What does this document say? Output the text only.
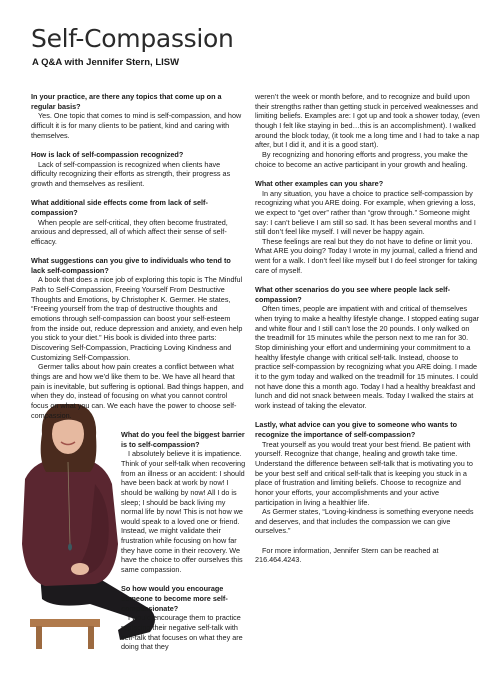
Self-Compassion

A Q&A with Jennifer Stern, LISW

In your practice, are there any topics that come up on a regular basis?

Yes. One topic that comes to mind is self-compassion, and how difficult it is for many clients to be patient, kind and caring with themselves.

How is lack of self-compassion recognized?

Lack of self-compassion is recognized when clients have difficulty recognizing their efforts as strength, their progress as growth and themselves as resilient.

What additional side effects come from lack of self-compassion?

When people are self-critical, they often become frustrated, anxious and depressed, all of which affect their sense of self-efficacy.

What suggestions can you give to individuals who tend to lack self-compassion?

A book that does a nice job of exploring this topic is The Mindful Path to Self-Compassion, Freeing Yourself From Destructive Thoughts and Emotions, by Christopher K. Germer. He states, “Freeing yourself from the trap of destructive thoughts and emotions through self-compassion can boost your self-esteem from the inside out, reduce depression and anxiety, and even help you stick to your diet.” His book is divided into three parts: Discovering Self-Compassion, Practicing Loving Kindness and Customizing Self-Compassion.

Germer talks about how pain creates a conflict between what things are and how we’d like them to be. We have all heard that pain is inevitable, but suffering is optional. Bad things happen, and when they do, instead of focusing on what you cannot control focus on what you can. We each have the power to choose self-compassion.

What do you feel the biggest barrier is to self-compassion?

I absolutely believe it is impatience. Think of your self-talk when recovering from an illness or an accident: I should have been back at work by now! I should be walking by now! All I do is sleep; I should be back living my normal life by now! This is not how we would speak to a loved one or friend. Instead, we might validate their frustration while focusing on how far they have come in their recovery. We have the choice to offer ourselves this same compassion.

So how would you encourage someone to become more self-compassionate?

I would encourage them to practice replacing their negative self-talk with self-talk that focuses on what they are doing that they

weren’t the week or month before, and to recognize and build upon their strengths rather than getting stuck in perceived weaknesses and limiting beliefs. Examples are: I got up and took a shower today, (even though I felt like staying in bed…this is an accomplishment). I walked around the block today, (it took me a long time and I had to take a nap after, but I did it, and it is a good start).

By recognizing and honoring efforts and progress, you make the choice to become an active participant in your growth and healing.

What other examples can you share?

In any situation, you have a choice to practice self-compassion by recognizing what you ARE doing. For example, when grieving a loss, we expect to “get over” rather than “grow through.” Someone might say: I can’t believe I am still so sad. It has been several months and I still don’t feel like myself. I will never be happy again.

These feelings are real but they do not have to define or limit you. What ARE you doing? Today I wrote in my journal, called a friend and went for a walk. I don’t feel like myself but I do feel stronger for taking care of myself.

What other scenarios do you see where people lack self-compassion?

Often times, people are impatient with and critical of themselves when trying to make a healthy lifestyle change. I stopped eating sugar and white flour and I still can’t lose the 20 pounds. I only walked on the treadmill for 15 minutes while the person next to me ran for 30. Stop diminishing your effort and undermining your commitment to a healthy lifestyle change with critical self-talk. Instead, choose to practice self-compassion by recognizing what you ARE doing. I made it to the gym today and walked on the treadmill for 15 minutes. I could not have done this a month ago. Today I had a healthy breakfast and lunch and did not snack between meals. Today I walked the stairs at work instead of taking the elevator.

Lastly, what advice can you give to someone who wants to recognize the importance of self-compassion?

Treat yourself as you would treat your best friend. Be patient with yourself. Recognize that change, healing and growth take time. Understand the difference between self-talk that is motivating you to be your best self and critical self-talk that is keeping you stuck in a place of frustration and limiting beliefs. Choose to recognize and honor your efforts, your accomplishments and your active participation in living a healthier life.

As Germer states, “Loving-kindness is something everyone needs and deserves, and that includes the compassion we can give ourselves.”

For more information, Jennifer Stern can be reached at 216.464.4243.
